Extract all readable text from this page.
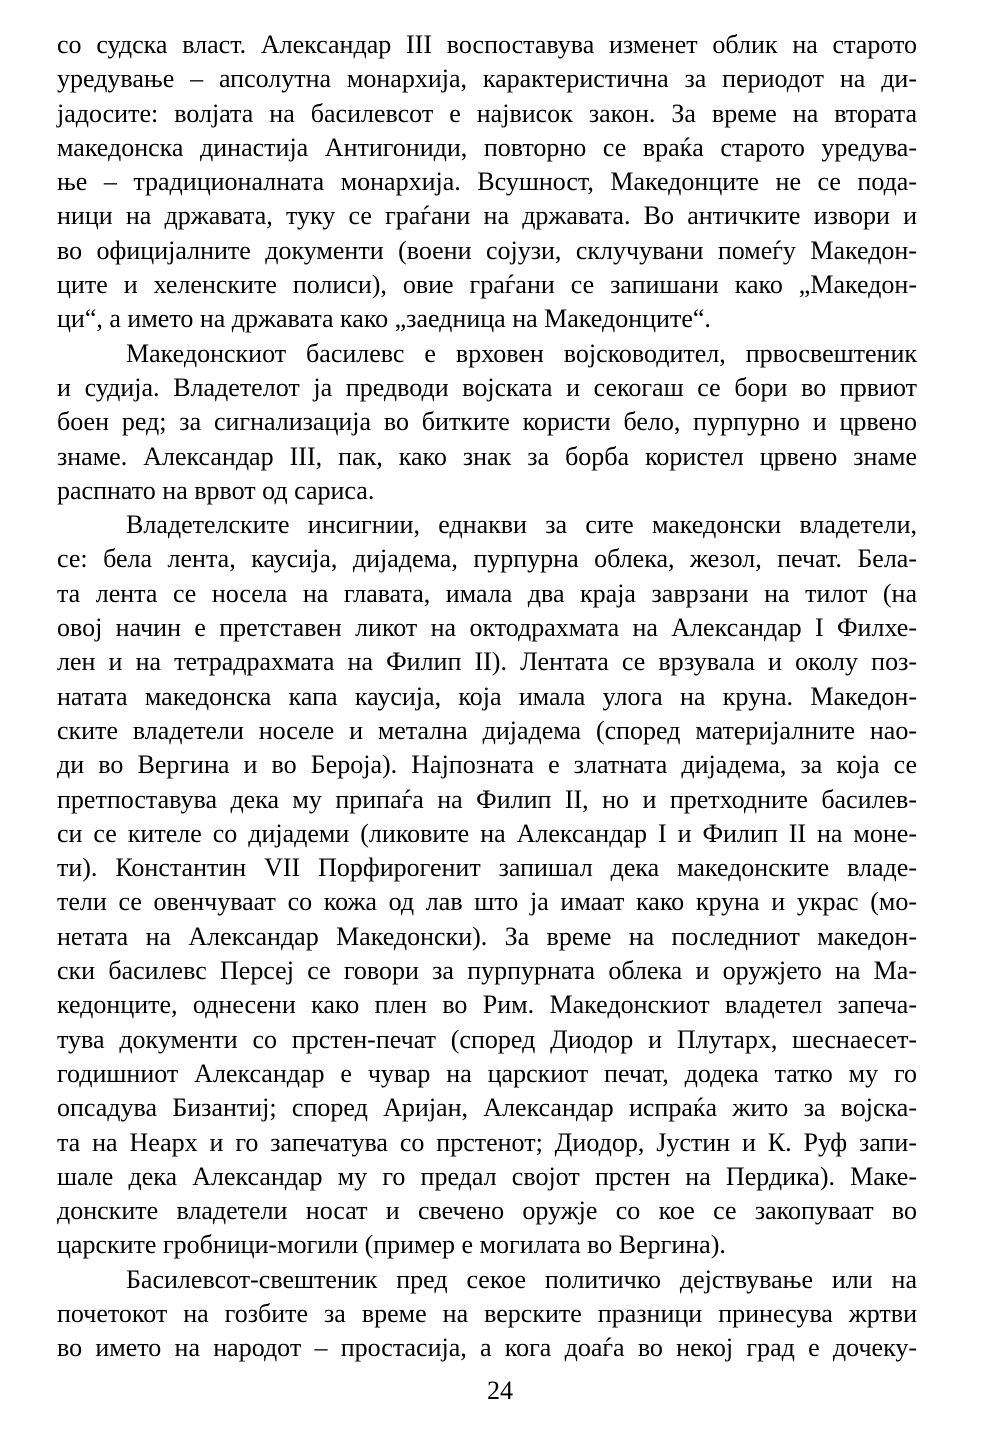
со судска власт. Александар III воспоставува изменет облик на старото
уредување – апсолутна монархија, карактеристична за периодот на ди-
јадосите: волјата на басилевсот е највисок закон. За време на втората
македонска династија Антигониди, повторно се враќа старото уредува-
ње – традиционалната монархија. Всушност, Македонците не се пода-
ници на државата, туку се граѓани на државата. Во античките извори и
во официјалните документи (воени сојузи, склучувани помеѓу Македон-
ците и хеленските полиси), овие граѓани се запишани како „Македон-
ци“, а името на државата како „заедница на Македонците“.
Македонскиот басилевс е врховен војсководител, првосвештеник
и судија. Владетелот ја предводи војската и секогаш се бори во првиот
боен ред; за сигнализација во битките користи бело, пурпурно и црвено
знаме. Александар III, пак, како знак за борба користел црвено знаме
распнато на врвот од сариса.
Владетелските инсигнии, еднакви за сите македонски владетели,
се: бела лента, каусија, дијадема, пурпурна облека, жезол, печат. Бела-
та лента се носела на главата, имала два краја заврзани на тилот (на
овој начин е претставен ликот на октодрахмата на Александар I Филхе-
лен и на тетрадрахмата на Филип II). Лентата се врзувала и околу поз-
натата македонска капа каусија, која имала улога на круна. Македон-
ските владетели носеле и метална дијадема (според материјалните нао-
ди во Вергина и во Бероја). Најпозната е златната дијадема, за која се
претпоставува дека му припаѓа на Филип II, но и претходните басилев-
си се кителе со дијадеми (ликовите на Александар I и Филип II на моне-
ти). Константин VII Порфирогенит запишал дека македонските владе-
тели се овенчуваат со кожа од лав што ја имаат како круна и украс (мо-
нетата на Александар Македонски). За време на последниот македон-
ски басилевс Персеј се говори за пурпурната облека и оружјето на Ма-
кедонците, однесени како плен во Рим. Македонскиот владетел запеча-
тува документи со прстен-печат (според Диодор и Плутарх, шеснаесет-
годишниот Александар е чувар на царскиот печат, додека татко му го
опсадува Бизантиј; според Аријан, Александар испраќа жито за војска-
та на Неарх и го запечатува со прстенот; Диодор, Јустин и К. Руф запи-
шале дека Александар му го предал својот прстен на Пердика). Маке-
донските владетели носат и свечено оружје со кое се закопуваат во
царските гробници-могили (пример е могилата во Вергина).
Басилевсот-свештеник пред секое политичко дејствување или на
почетокот на гозбите за време на верските празници принесува жртви
во името на народот – простасија, а кога доаѓа во некој град е дочеку-
24
